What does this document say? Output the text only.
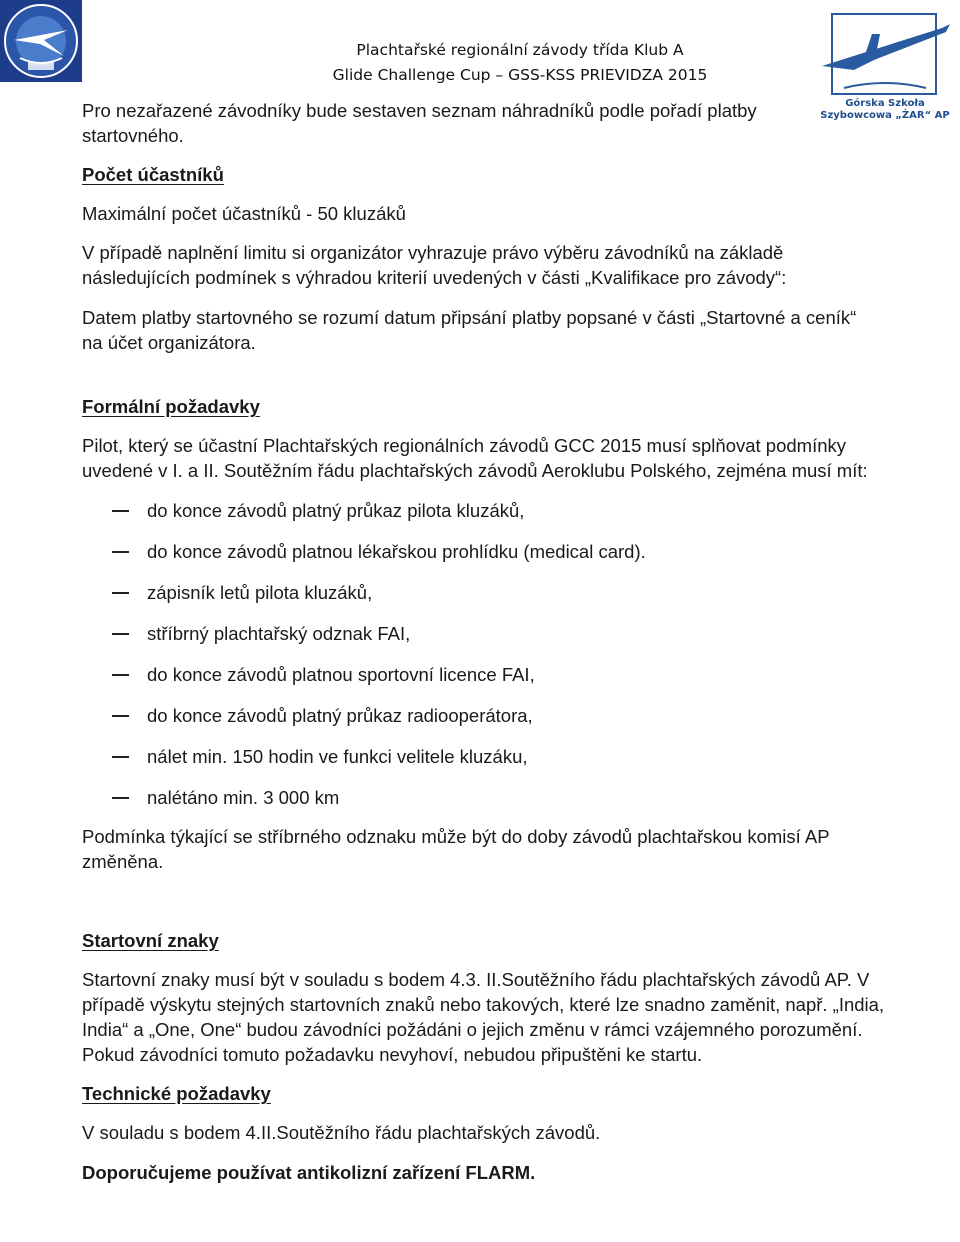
Plachtařské regionální závody třída Klub A
Glide Challenge Cup – GSS-KSS PRIEVIDZA 2015
Górska Szkoła
Szybowcowa „ŻAR“ AP

Pro nezařazené závodníky bude sestaven seznam náhradníků podle pořadí platby startovného.

Počet účastníků

Maximální počet účastníků - 50 kluzáků

V případě naplnění limitu si organizátor vyhrazuje právo výběru závodníků na základě následujících podmínek s výhradou kriterií uvedených v části „Kvalifikace pro závody“:

Datem platby startovného se rozumí datum připsání platby popsané v části „Startovné a ceník“ na účet organizátora.

Formální požadavky

Pilot, který se účastní Plachtařských regionálních závodů GCC 2015 musí splňovat podmínky uvedené v I. a II. Soutěžním řádu plachtařských závodů Aeroklubu Polského, zejména musí mít:

do konce závodů platný průkaz pilota kluzáků,
do konce závodů platnou lékařskou prohlídku (medical card).
zápisník letů pilota kluzáků,
stříbrný plachtařský odznak FAI,
do konce závodů platnou sportovní licence FAI,
do konce závodů platný průkaz radiooperátora,
nálet min. 150 hodin ve funkci velitele kluzáku,
nalétáno min. 3 000 km

Podmínka týkající se stříbrného odznaku může být do doby závodů plachtařskou komisí AP změněna.

Startovní znaky

Startovní znaky musí být v souladu s bodem 4.3. II.Soutěžního řádu plachtařských závodů AP. V případě výskytu stejných startovních znaků nebo takových, které lze snadno zaměnit, např. „India, India“ a „One, One“ budou závodníci požádáni o jejich změnu v rámci vzájemného porozumění. Pokud závodníci tomuto požadavku nevyhoví, nebudou připuštěni ke startu.

Technické požadavky

V souladu s bodem 4.II.Soutěžního řádu plachtařských závodů.

Doporučujeme používat antikolizní zařízení FLARM.
